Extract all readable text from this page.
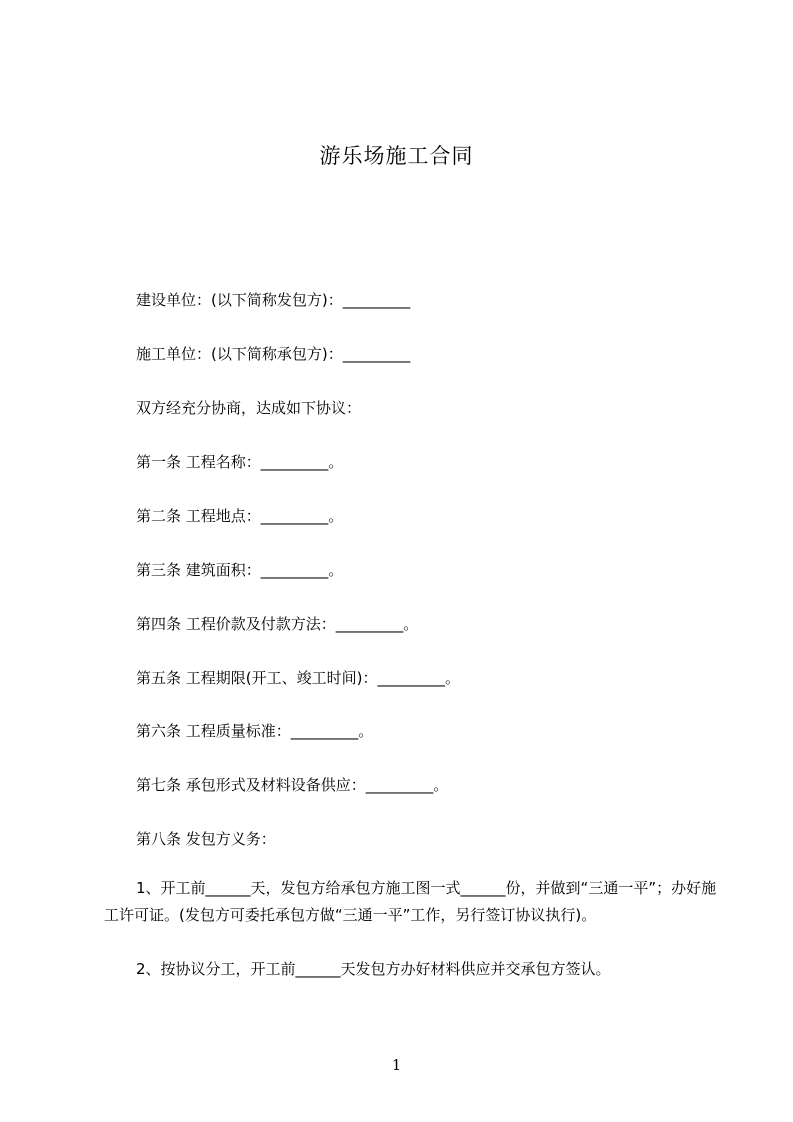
游乐场施工合同
建设单位：(以下简称发包方)：_________
施工单位：(以下简称承包方)：_________
双方经充分协商，达成如下协议：
第一条 工程名称：_________。
第二条 工程地点：_________。
第三条 建筑面积：_________。
第四条 工程价款及付款方法：_________。
第五条 工程期限(开工、竣工时间)：_________。
第六条 工程质量标准：_________。
第七条 承包形式及材料设备供应：_________。
第八条 发包方义务：
1、开工前______天，发包方给承包方施工图一式______份，并做到“三通一平”；办好施工许可证。(发包方可委托承包方做“三通一平”工作，另行签订协议执行)。
2、按协议分工，开工前______天发包方办好材料供应并交承包方签认。
1
